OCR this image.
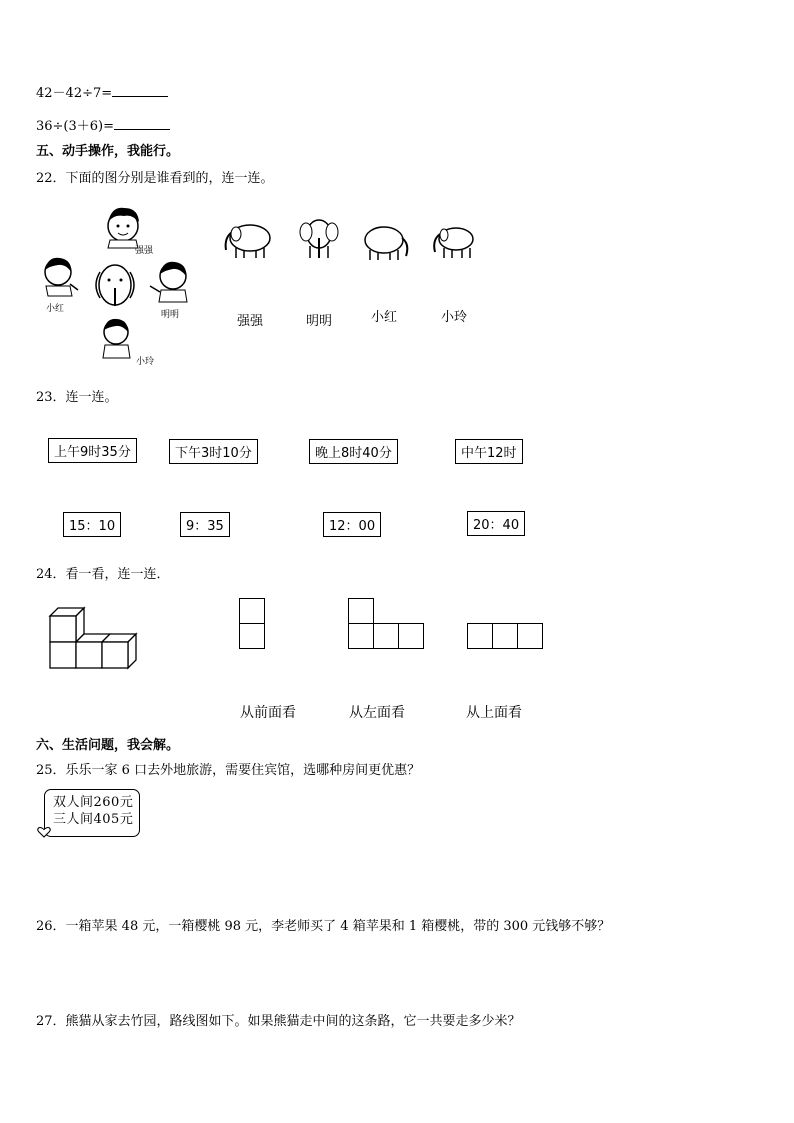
42－42÷7=
36÷(3＋6)=
五、动手操作，我能行。
22．下面的图分别是谁看到的，连一连。
强强
小红
明明
小玲
强强	明明	小红	小玲
23．连一连。
上午9时35分	下午3时10分	晚上8时40分	中午12时
15：10	9：35	12：00	20：40
24．看一看，连一连．
从前面看	从左面看	从上面看
六、生活问题，我会解。
25．乐乐一家 6 口去外地旅游，需要住宾馆，选哪种房间更优惠？
双人间260元
三人间405元
26．一箱苹果 48 元，一箱樱桃 98 元，李老师买了 4 箱苹果和 1 箱樱桃，带的 300 元钱够不够？
27．熊猫从家去竹园，路线图如下。如果熊猫走中间的这条路，它一共要走多少米？
